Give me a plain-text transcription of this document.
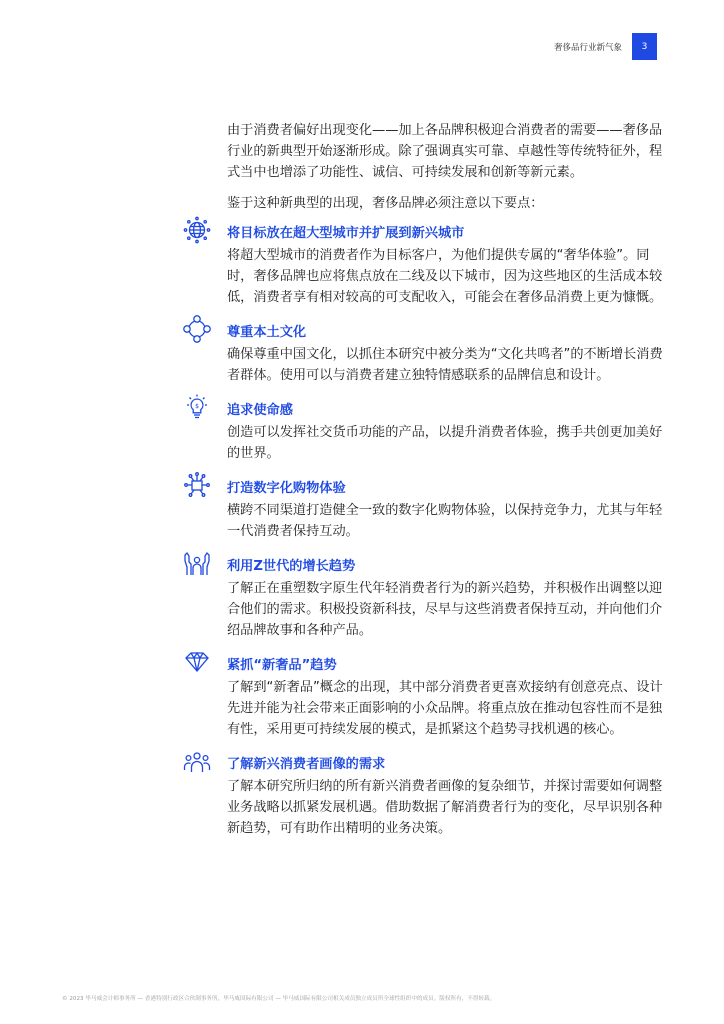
奢侈品行业新气象	3

由于消费者偏好出现变化——加上各品牌积极迎合消费者的需要——奢侈品行业的新典型开始逐渐形成。除了强调真实可靠、卓越性等传统特征外，程式当中也增添了功能性、诚信、可持续发展和创新等新元素。

鉴于这种新典型的出现，奢侈品牌必须注意以下要点：

将目标放在超大型城市并扩展到新兴城市

将超大型城市的消费者作为目标客户，为他们提供专属的“奢华体验”。同时，奢侈品牌也应将焦点放在二线及以下城市，因为这些地区的生活成本较低，消费者享有相对较高的可支配收入，可能会在奢侈品消费上更为慷慨。

尊重本土文化

确保尊重中国文化，以抓住本研究中被分类为“文化共鸣者”的不断增长消费者群体。使用可以与消费者建立独特情感联系的品牌信息和设计。

$ 追求使命感

创造可以发挥社交货币功能的产品，以提升消费者体验，携手共创更加美好的世界。

打造数字化购物体验

横跨不同渠道打造健全一致的数字化购物体验，以保持竞争力，尤其与年轻一代消费者保持互动。

利用Z世代的增长趋势

了解正在重塑数字原生代年轻消费者行为的新兴趋势，并积极作出调整以迎合他们的需求。积极投资新科技，尽早与这些消费者保持互动，并向他们介绍品牌故事和各种产品。

紧抓“新奢品”趋势

了解到“新奢品”概念的出现，其中部分消费者更喜欢接纳有创意亮点、设计先进并能为社会带来正面影响的小众品牌。将重点放在推动包容性而不是独有性，采用更可持续发展的模式，是抓紧这个趋势寻找机遇的核心。

了解新兴消费者画像的需求

了解本研究所归纳的所有新兴消费者画像的复杂细节，并探讨需要如何调整业务战略以抓紧发展机遇。借助数据了解消费者行为的变化，尽早识别各种新趋势，可有助作出精明的业务决策。

© 2023 毕马威会计师事务所 — 香港特别行政区合伙制事务所，毕马威国际有限公司 — 毕马威国际有限公司相关成员独立成员所全球性组织中的成员。版权所有，不得转载。
